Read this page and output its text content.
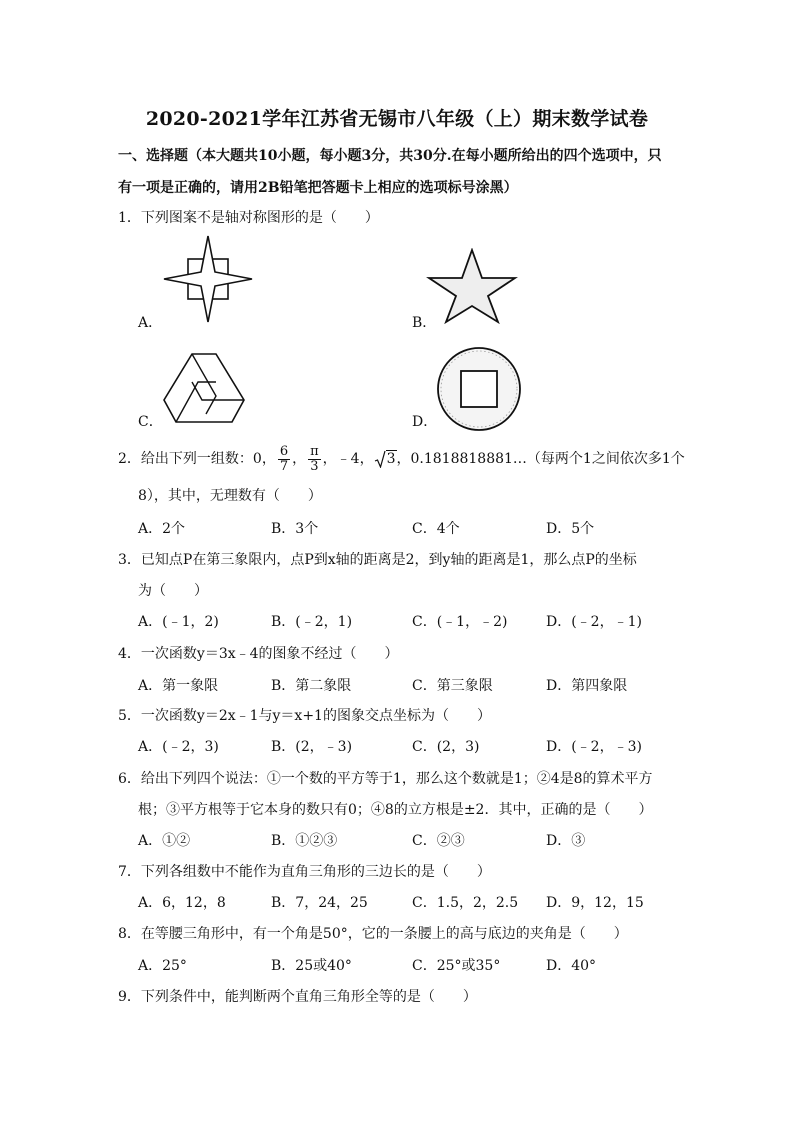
2020-2021学年江苏省无锡市八年级（上）期末数学试卷
一、选择题（本大题共10小题，每小题3分，共30分.在每小题所给出的四个选项中，只
有一项是正确的，请用2B铅笔把答题卡上相应的选项标号涂黑）
1．下列图案不是轴对称图形的是（　　）
A．	B．
C．	D．
2．给出下列一组数：0， $\frac{6}{7}$ ， $\frac{\pi}{3}$ ，﹣4， 3 ，0.1818818881…（每两个1之间依次多1个
8），其中，无理数有（　　）
A．2个	B．3个	C．4个	D．5个
3．已知点P在第三象限内，点P到x轴的距离是2，到y轴的距离是1，那么点P的坐标
为（　　）
A．(﹣1，2)	B．(﹣2，1)	C．(﹣1，﹣2)	D．(﹣2，﹣1)
4．一次函数y＝3x﹣4的图象不经过（　　）
A．第一象限	B．第二象限	C．第三象限	D．第四象限
5．一次函数y＝2x﹣1与y＝x+1的图象交点坐标为（　　）
A．(﹣2，3)	B．(2，﹣3)	C．(2，3)	D．(﹣2，﹣3)
6．给出下列四个说法：①一个数的平方等于1，那么这个数就是1；②4是8的算术平方
根；③平方根等于它本身的数只有0；④8的立方根是±2．其中，正确的是（　　）
A．①②	B．①②③	C．②③	D．③
7．下列各组数中不能作为直角三角形的三边长的是（　　）
A．6，12，8	B．7，24，25	C．1.5，2，2.5 D．9，12，15
8．在等腰三角形中，有一个角是50°，它的一条腰上的高与底边的夹角是（　　）
A．25°	B．25或40°	C．25°或35°	D．40°
9．下列条件中，能判断两个直角三角形全等的是（　　）
